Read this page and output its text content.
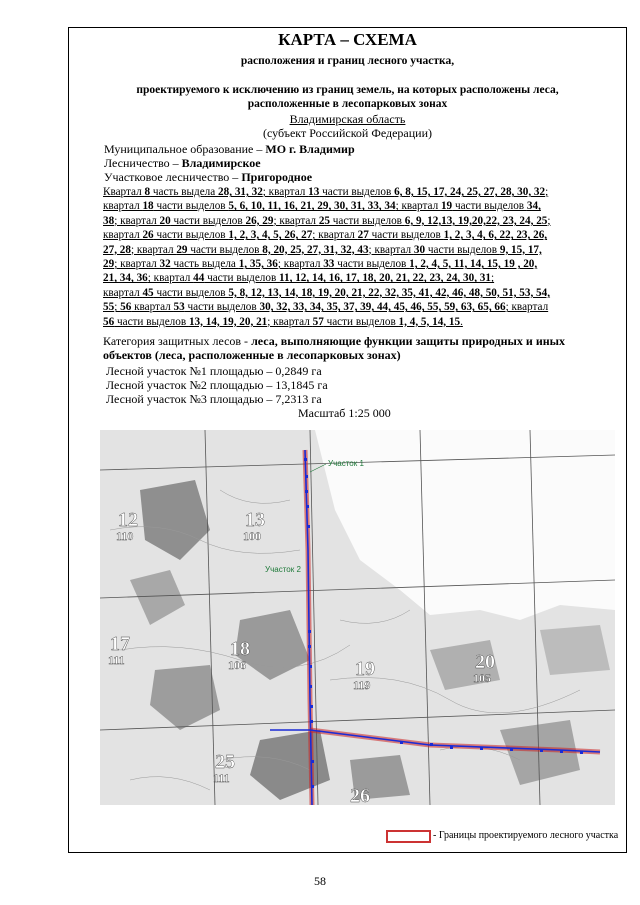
КАРТА – СХЕМА
расположения и границ лесного участка,
проектируемого к исключению из границ земель, на которых расположены леса,
расположенные в лесопарковых зонах
Владимирская область
(субъект Российской Федерации)
Муниципальное образование – МО г. Владимир
Лесничество – Владимирское
Участковое лесничество – Пригородное
Квартал 8 часть выдела 28, 31, 32; квартал 13 части выделов 6, 8, 15, 17, 24, 25, 27, 28, 30, 32;
квартал 18 части выделов 5, 6, 10, 11, 16, 21, 29, 30, 31, 33, 34; квартал 19 части выделов 34,
38; квартал 20 части выделов 26, 29; квартал 25 части выделов 6, 9, 12,13, 19,20,22, 23, 24, 25;
квартал 26 части выделов 1, 2, 3, 4, 5, 26, 27; квартал 27 части выделов 1, 2, 3, 4, 6, 22, 23, 26,
27, 28; квартал 29 части выделов 8, 20, 25, 27, 31, 32, 43; квартал 30 части выделов 9, 15, 17,
29; квартал 32 часть выдела 1, 35, 36; квартал 33 части выделов 1, 2, 4, 5, 11, 14, 15, 19 , 20,
21, 34, 36; квартал 44 части выделов 11, 12, 14, 16, 17, 18, 20, 21, 22, 23, 24, 30, 31;
квартал 45 части выделов 5, 8, 12, 13, 14, 18, 19, 20, 21, 22, 32, 35, 41, 42, 46, 48, 50, 51, 53, 54,
55; 56 квартал 53 части выделов 30, 32, 33, 34, 35, 37, 39, 44, 45, 46, 55, 59, 63, 65, 66; квартал
56 части выделов 13, 14, 19, 20, 21; квартал 57 части выделов 1, 4, 5, 14, 15.
Категория защитных лесов - леса, выполняющие функции защиты природных и иных
объектов (леса, расположенные в лесопарковых зонах)
Лесной участок №1 площадью – 0,2849 га
Лесной участок №2 площадью – 13,1845 га
Лесной участок №3 площадью – 7,2313 га
Масштаб 1:25 000
Участок 1
Участок 2
12
110
13
100
17
111	18
106	19
119
20
105
25
111
26
- Границы проектируемого лесного участка
58
